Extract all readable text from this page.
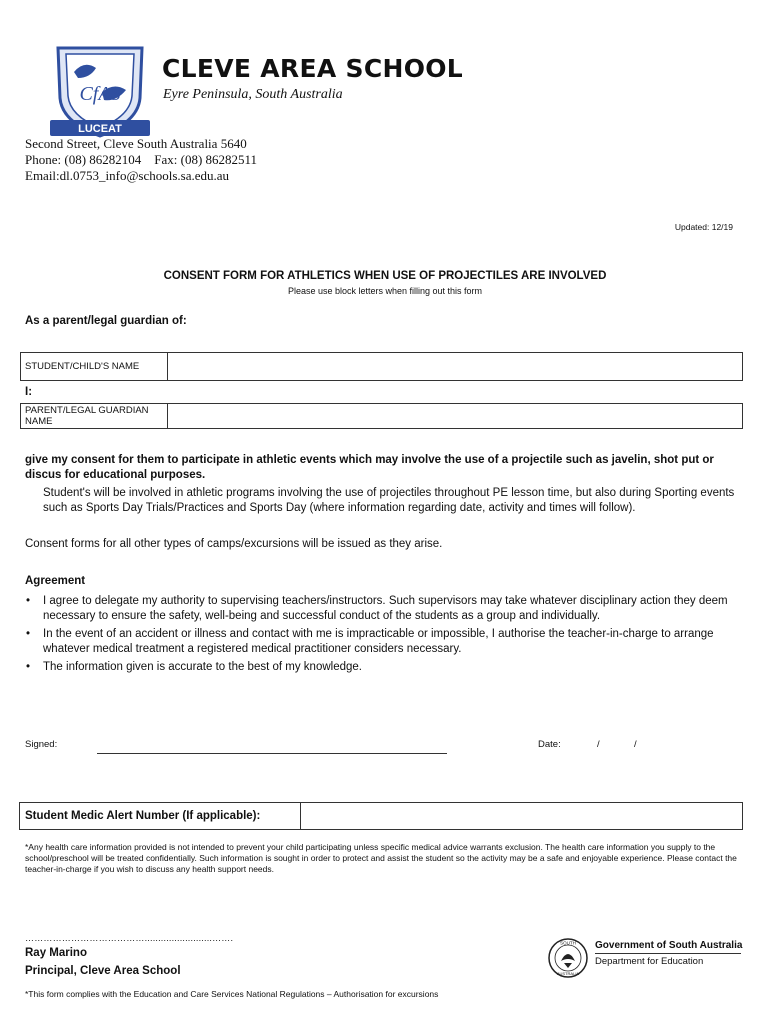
CfAS
LUCEAT
CLEVE AREA SCHOOL
Eyre Peninsula, South Australia
Second Street, Cleve South Australia 5640
Phone: (08) 86282104    Fax: (08) 86282511
Email:dl.0753_info@schools.sa.edu.au
Updated: 12/19
CONSENT FORM FOR ATHLETICS WHEN USE OF PROJECTILES ARE INVOLVED
Please use block letters when filling out this form
As a parent/legal guardian of:
STUDENT/CHILD'S NAME
I:
PARENT/LEGAL GUARDIAN NAME
give my consent for them to participate in athletic events which may involve the use of a projectile such as javelin, shot put or discus for educational purposes.
Student's will be involved in athletic programs involving the use of projectiles throughout PE lesson time, but also during Sporting events such as Sports Day Trials/Practices and Sports Day (where information regarding date, activity and times will follow).
Consent forms for all other types of camps/excursions will be issued as they arise.
Agreement
• I agree to delegate my authority to supervising teachers/instructors. Such supervisors may take whatever disciplinary action they deem necessary to ensure the safety, well-being and successful conduct of the students as a group and individually.
• In the event of an accident or illness and contact with me is impracticable or impossible, I authorise the teacher-in-charge to arrange whatever medical treatment a registered medical practitioner considers necessary.
• The information given is accurate to the best of my knowledge.
Signed:	Date:	/	/
Student Medic Alert Number (If applicable):
*Any health care information provided is not intended to prevent your child participating unless specific medical advice warrants exclusion. The health care information you supply to the school/preschool will be treated confidentially. Such information is sought in order to protect and assist the student so the activity may be a safe and enjoyable experience. Please contact the teacher-in-charge if you wish to discuss any health support needs.
………………………………….........................…….
Ray Marino
Principal, Cleve Area School
*This form complies with the Education and Care Services National Regulations – Authorisation for excursions
SOUTH
AUSTRALIA
Government of South Australia
Department for Education
